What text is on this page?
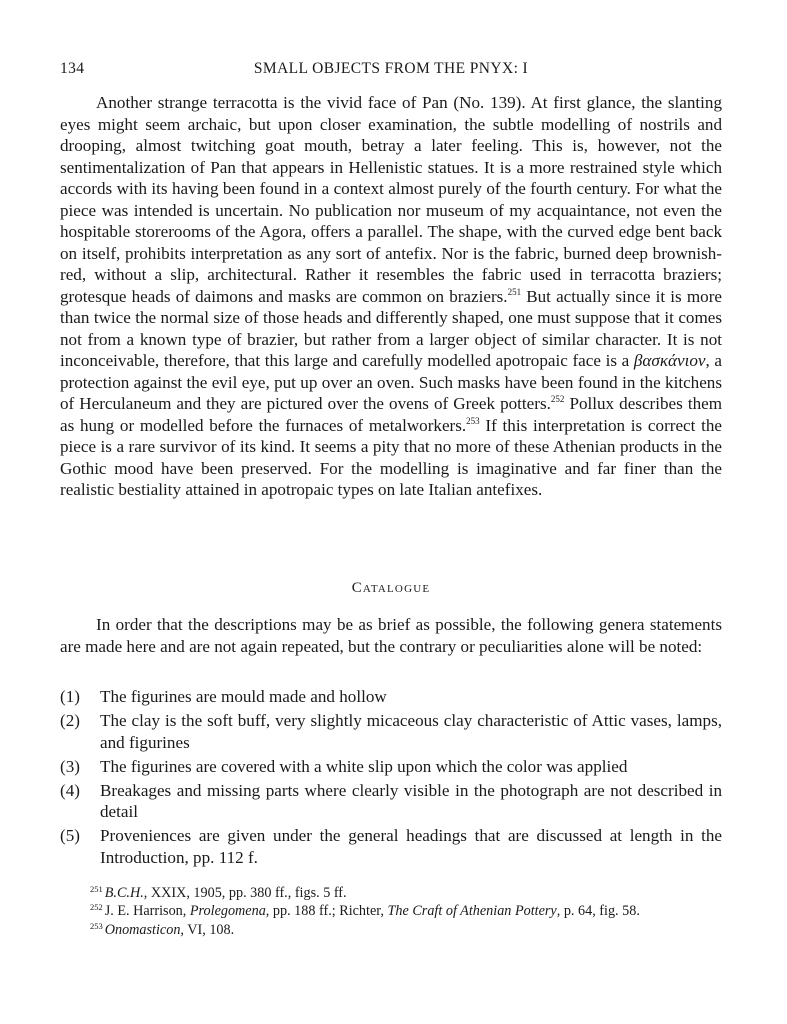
134	SMALL OBJECTS FROM THE PNYX: I

Another strange terracotta is the vivid face of Pan (No. 139). At first glance, the slanting eyes might seem archaic, but upon closer examination, the subtle modelling of nostrils and drooping, almost twitching goat mouth, betray a later feeling. This is, however, not the sentimentalization of Pan that appears in Hellenistic statues. It is a more restrained style which accords with its having been found in a context almost purely of the fourth century. For what the piece was intended is uncertain. No publication nor museum of my acquaintance, not even the hospitable storerooms of the Agora, offers a parallel. The shape, with the curved edge bent back on itself, prohibits interpretation as any sort of antefix. Nor is the fabric, burned deep brownish-red, without a slip, architectural. Rather it resembles the fabric used in terracotta braziers; grotesque heads of daimons and masks are common on braziers.$^{251}$ But actually since it is more than twice the normal size of those heads and differently shaped, one must suppose that it comes not from a known type of brazier, but rather from a larger object of similar character. It is not inconceivable, therefore, that this large and carefully modelled apotropaic face is a βασκάνιον, a protection against the evil eye, put up over an oven. Such masks have been found in the kitchens of Herculaneum and they are pictured over the ovens of Greek potters.$^{252}$ Pollux describes them as hung or modelled before the furnaces of metalworkers.$^{253}$ If this interpretation is correct the piece is a rare survivor of its kind. It seems a pity that no more of these Athenian products in the Gothic mood have been preserved. For the modelling is imaginative and far finer than the realistic bestiality attained in apotropaic types on late Italian antefixes.

Catalogue

In order that the descriptions may be as brief as possible, the following genera statements are made here and are not again repeated, but the contrary or peculiarities alone will be noted:

(1) The figurines are mould made and hollow
(2) The clay is the soft buff, very slightly micaceous clay characteristic of Attic vases, lamps, and figurines
(3) The figurines are covered with a white slip upon which the color was applied
(4) Breakages and missing parts where clearly visible in the photograph are not described in detail
(5) Proveniences are given under the general headings that are discussed at length in the Introduction, pp. 112 f.
$^{251}$ B.C.H., XXIX, 1905, pp. 380 ff., figs. 5 ff.
$^{252}$ J. E. Harrison, Prolegomena, pp. 188 ff.; Richter, The Craft of Athenian Pottery, p. 64, fig. 58.
$^{253}$ Onomasticon, VI, 108.
